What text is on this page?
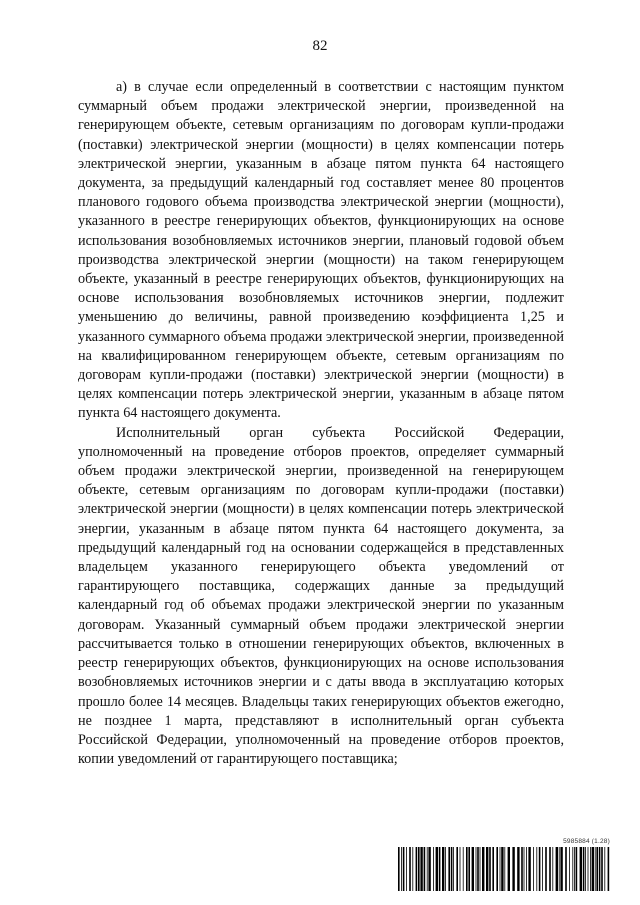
82

а) в случае если определенный в соответствии с настоящим пунктом суммарный объем продажи электрической энергии, произведенной на генерирующем объекте, сетевым организациям по договорам купли-продажи (поставки) электрической энергии (мощности) в целях компенсации потерь электрической энергии, указанным в абзаце пятом пункта 64 настоящего документа, за предыдущий календарный год составляет менее 80 процентов планового годового объема производства электрической энергии (мощности), указанного в реестре генерирующих объектов, функционирующих на основе использования возобновляемых источников энергии, плановый годовой объем производства электрической энергии (мощности) на таком генерирующем объекте, указанный в реестре генерирующих объектов, функционирующих на основе использования возобновляемых источников энергии, подлежит уменьшению до величины, равной произведению коэффициента 1,25 и указанного суммарного объема продажи электрической энергии, произведенной на квалифицированном генерирующем объекте, сетевым организациям по договорам купли-продажи (поставки) электрической энергии (мощности) в целях компенсации потерь электрической энергии, указанным в абзаце пятом пункта 64 настоящего документа.

Исполнительный орган субъекта Российской Федерации, уполномоченный на проведение отборов проектов, определяет суммарный объем продажи электрической энергии, произведенной на генерирующем объекте, сетевым организациям по договорам купли-продажи (поставки) электрической энергии (мощности) в целях компенсации потерь электрической энергии, указанным в абзаце пятом пункта 64 настоящего документа, за предыдущий календарный год на основании содержащейся в представленных владельцем указанного генерирующего объекта уведомлений от гарантирующего поставщика, содержащих данные за предыдущий календарный год об объемах продажи электрической энергии по указанным договорам. Указанный суммарный объем продажи электрической энергии рассчитывается только в отношении генерирующих объектов, включенных в реестр генерирующих объектов, функционирующих на основе использования возобновляемых источников энергии и с даты ввода в эксплуатацию которых прошло более 14 месяцев. Владельцы таких генерирующих объектов ежегодно, не позднее 1 марта, представляют в исполнительный орган субъекта Российской Федерации, уполномоченный на проведение отборов проектов, копии уведомлений от гарантирующего поставщика;

5985884 (1.28)
